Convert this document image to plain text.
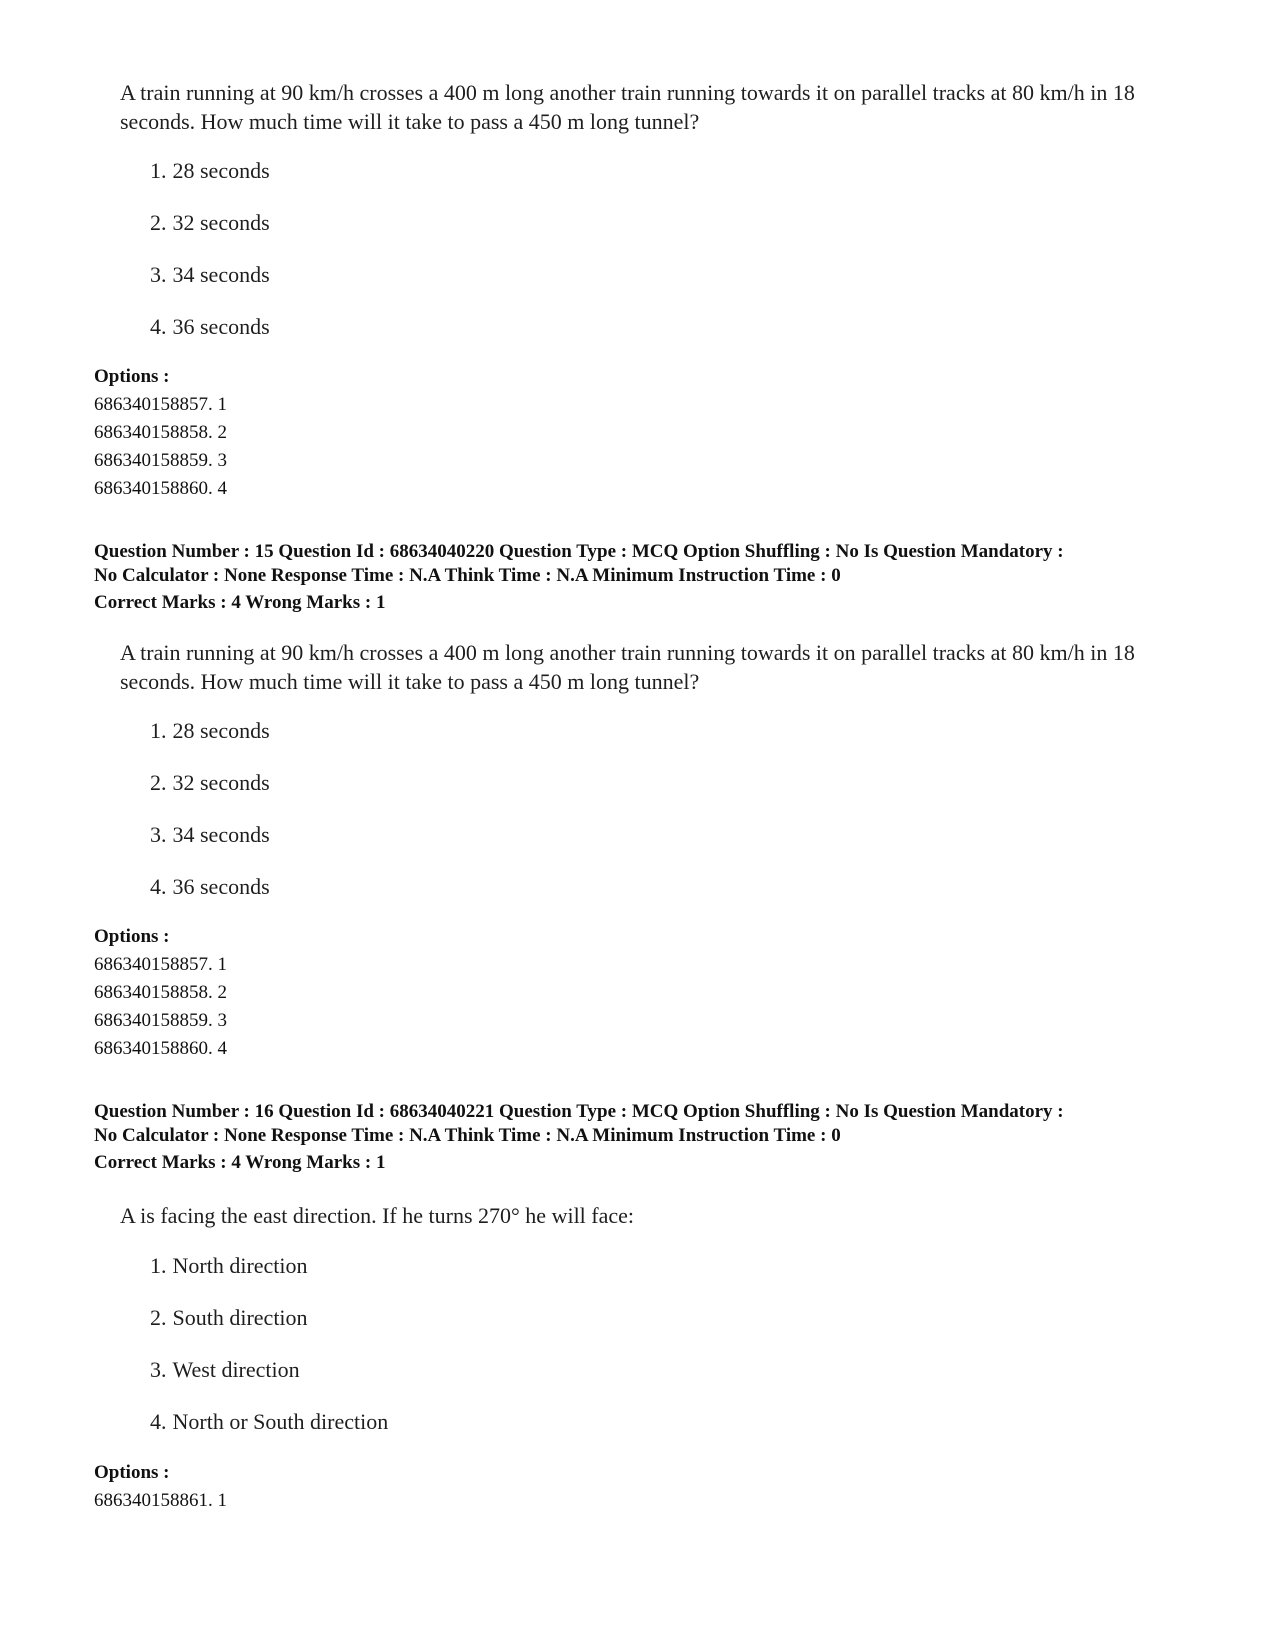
A train running at 90 km/h crosses a 400 m long another train running towards it on parallel tracks at 80 km/h in 18 seconds. How much time will it take to pass a 450 m long tunnel?

1. 28 seconds
2. 32 seconds
3. 34 seconds
4. 36 seconds
Options :
686340158857. 1
686340158858. 2
686340158859. 3
686340158860. 4
Question Number : 15 Question Id : 68634040220 Question Type : MCQ Option Shuffling : No Is Question Mandatory :
No Calculator : None Response Time : N.A Think Time : N.A Minimum Instruction Time : 0
Correct Marks : 4 Wrong Marks : 1

A train running at 90 km/h crosses a 400 m long another train running towards it on parallel tracks at 80 km/h in 18 seconds. How much time will it take to pass a 450 m long tunnel?

1. 28 seconds
2. 32 seconds
3. 34 seconds
4. 36 seconds
Options :
686340158857. 1
686340158858. 2
686340158859. 3
686340158860. 4
Question Number : 16 Question Id : 68634040221 Question Type : MCQ Option Shuffling : No Is Question Mandatory :
No Calculator : None Response Time : N.A Think Time : N.A Minimum Instruction Time : 0
Correct Marks : 4 Wrong Marks : 1

A is facing the east direction. If he turns 270° he will face:

1. North direction
2. South direction
3. West direction
4. North or South direction
Options :
686340158861. 1
